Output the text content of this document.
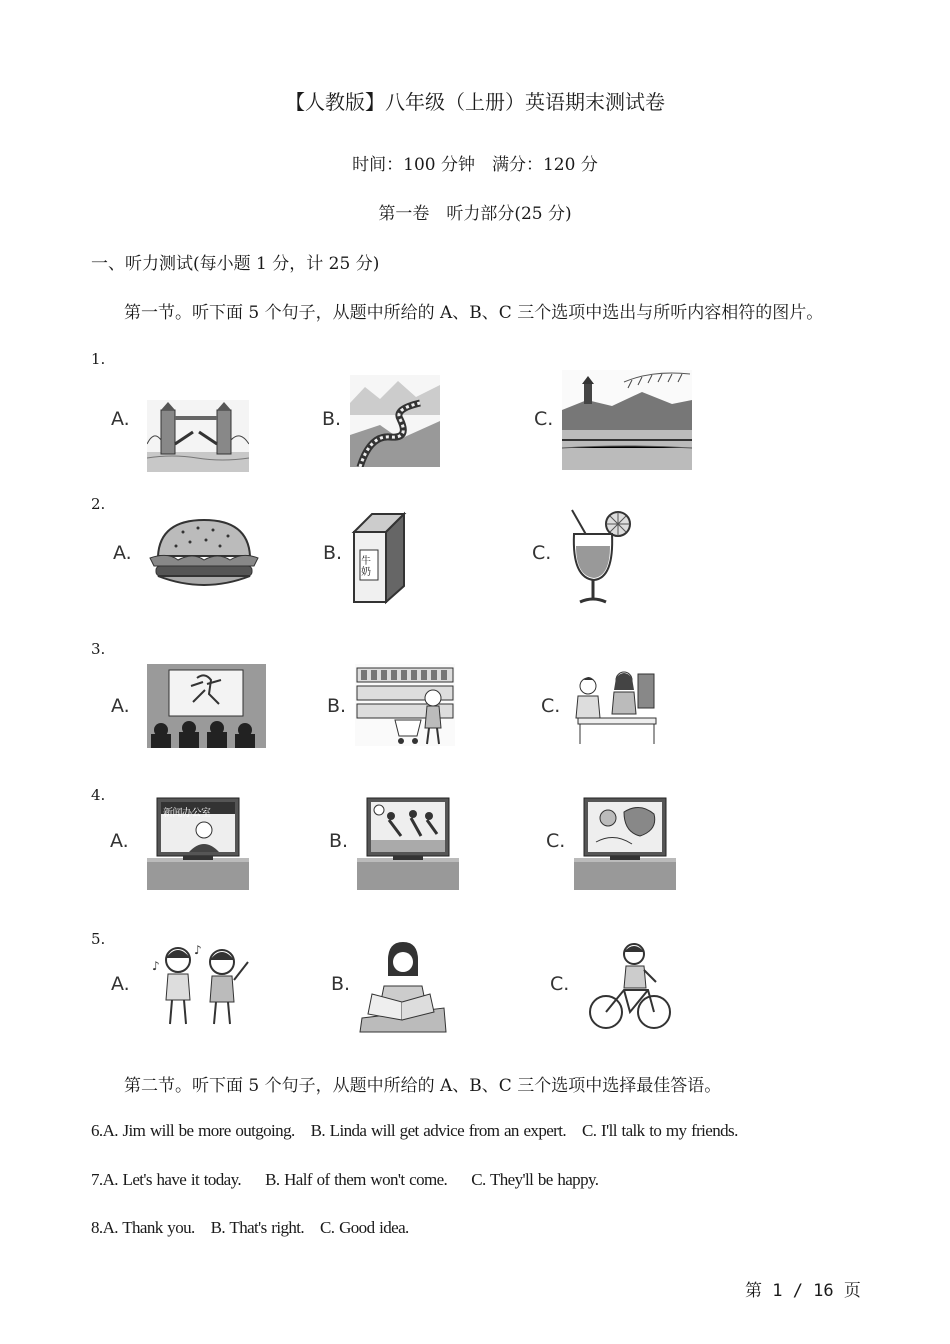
【人教版】八年级（上册）英语期末测试卷
时间：100 分钟　满分：120 分
第一卷　听力部分(25 分)
一、听力测试(每小题 1 分，计 25 分)
第一节。听下面 5 个句子，从题中所给的 A、B、C 三个选项中选出与所听内容相符的图片。
1.
A.	B.	C.
2.
A.	B.	C.
牛奶
3.
A.	B.	C.
4.
A.	B.	C.
新闻办公室
5.
A.	B.	C.
♪
♪
第二节。听下面 5 个句子，从题中所给的 A、B、C 三个选项中选择最佳答语。
6.A. Jim will be more outgoing. B. Linda will get advice from an expert. C. I'll talk to my friends.
7.A. Let's have it today. B. Half of them won't come. C. They'll be happy.
8.A. Thank you. B. That's right. C. Good idea.
第 1 / 16 页
